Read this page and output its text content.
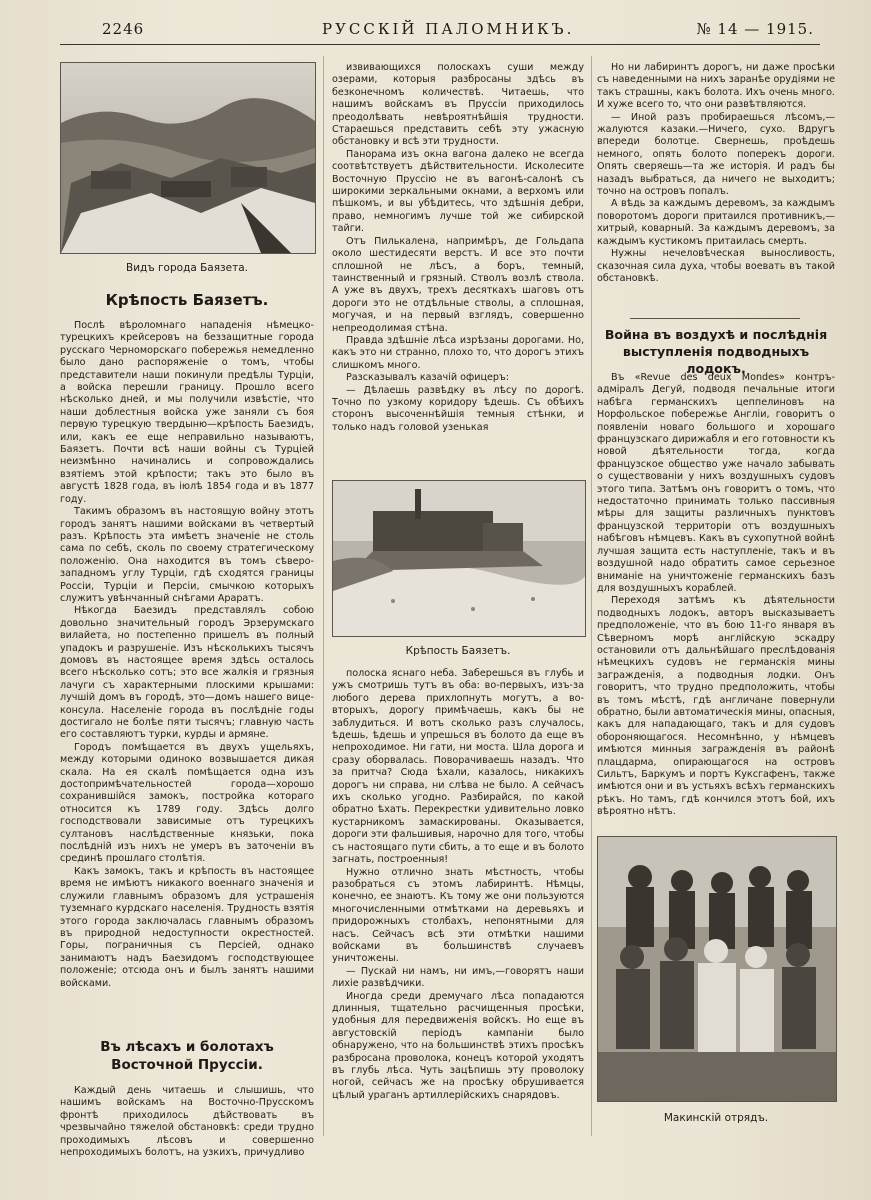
2246	РУССКІЙ ПАЛОМНИКЪ.	№ 14 — 1915.
Видъ города Баязета.
Крѣпость Баязетъ.

Послѣ вѣроломнаго нападенія нѣмецко-турецкихъ крейсеровъ на беззащитные города русскаго Черноморскаго побережья немедленно было дано распоряженіе о томъ, чтобы представители наши покинули предѣлы Турціи, а войска перешли границу. Прошло всего нѣсколько дней, и мы получили извѣстіе, что наши доблестныя войска уже заняли съ боя первую турецкую твердыню—крѣпость Баезидъ, или, какъ ее еще неправильно называютъ, Баязетъ. Почти всѣ наши войны съ Турціей неизмѣнно начинались и сопровождались взятіемъ этой крѣпости; такъ это было въ августѣ 1828 года, въ іюлѣ 1854 года и въ 1877 году.

Такимъ образомъ въ настоящую войну этотъ городъ занятъ нашими войсками въ четвертый разъ. Крѣпость эта имѣетъ значеніе не столь сама по себѣ, сколь по своему стратегическому положенію. Она находится въ томъ сѣверо-западномъ углу Турціи, гдѣ сходятся границы Россіи, Турціи и Персіи, смычкою которыхъ служитъ увѣнчанный снѣгами Араратъ.

Нѣкогда Баезидъ представлялъ собою довольно значительный городъ Эрзерумскаго вилайета, но постепенно пришелъ въ полный упадокъ и разрушеніе. Изъ нѣсколькихъ тысячъ домовъ въ настоящее время здѣсь осталось всего нѣсколько сотъ; это все жалкія и грязныя лачуги съ характерными плоскими крышами: лучшій домъ въ городѣ, это—домъ нашего вице-консула. Населеніе города въ послѣдніе годы достигало не болѣе пяти тысячъ; главную часть его составляютъ турки, курды и армяне.

Городъ помѣщается въ двухъ ущельяхъ, между которыми одиноко возвышается дикая скала. На ея скалѣ помѣщается одна изъ достопримѣчательностей города—хорошо сохранившійся замокъ, постройка котораго относится къ 1789 году. Здѣсь долго господствовали зависимые отъ турецкихъ султановъ наслѣдственные князьки, пока послѣдній изъ нихъ не умеръ въ заточеніи въ срединѣ прошлаго столѣтія.

Какъ замокъ, такъ и крѣпость въ настоящее время не имѣютъ никакого военнаго значенія и служили главнымъ образомъ для устрашенія туземнаго курдскаго населенія. Трудность взятія этого города заключалась главнымъ образомъ въ природной недоступности окрестностей. Горы, пограничныя съ Персіей, однако занимаютъ надъ Баезидомъ господствующее положеніе; отсюда онъ и былъ занятъ нашими войсками.

Въ лѣсахъ и болотахъ Восточной Пруссіи.

Каждый день читаешь и слышишь, что нашимъ войскамъ на Восточно-Прусскомъ фронтѣ приходилось дѣйствовать въ чрезвычайно тяжелой обстановкѣ: среди трудно проходимыхъ лѣсовъ и совершенно непроходимыхъ болотъ, на узкихъ, причудливо

извивающихся полоскахъ суши между озерами, которыя разбросаны здѣсь въ безконечномъ количествѣ. Читаешь, что нашимъ войскамъ въ Пруссіи приходилось преодолѣвать невѣроятнѣйшія трудности. Стараешься представить себѣ эту ужасную обстановку и всѣ эти трудности.

Панорама изъ окна вагона далеко не всегда соотвѣтствуетъ дѣйствительности. Исколесите Восточную Пруссію не въ вагонѣ-салонѣ съ широкими зеркальными окнами, а верхомъ или пѣшкомъ, и вы убѣдитесь, что здѣшнія дебри, право, немногимъ лучше той же сибирской тайги.

Отъ Пилькалена, напримѣръ, де Гольдапа около шестидесяти верстъ. И все это почти сплошной не лѣсъ, а боръ, темный, таинственный и грязный. Стволъ возлѣ ствола. А уже въ двухъ, трехъ десяткахъ шаговъ отъ дороги это не отдѣльные стволы, а сплошная, могучая, и на первый взглядъ, совершенно непреодолимая стѣна.

Правда здѣшніе лѣса изрѣзаны дорогами. Но, какъ это ни странно, плохо то, что дорогъ этихъ слишкомъ много.

Разсказывалъ казачій офицеръ:

— Дѣлаешь развѣдку въ лѣсу по дорогѣ. Точно по узкому коридору ѣдешь. Съ обѣихъ сторонъ высоченнѣйшія темныя стѣнки, и только надъ головой узенькая

Крѣпость Баязетъ.

полоска яснаго неба. Заберешься въ глубь и ужъ смотришь тутъ въ оба: во-первыхъ, изъ-за любого дерева прихлопнуть могутъ, а во-вторыхъ, дорогу примѣчаешь, какъ бы не заблудиться. И вотъ сколько разъ случалось, ѣдешь, ѣдешь и упрешься въ болото да еще въ непроходимое. Ни гати, ни моста. Шла дорога и сразу оборвалась. Поворачиваешь назадъ. Что за притча? Сюда ѣхали, казалось, никакихъ дорогъ ни справа, ни слѣва не было. А сейчасъ ихъ сколько угодно. Разбирайся, по какой обратно ѣхать. Перекрестки удивительно ловко кустарникомъ замаскированы. Оказывается, дороги эти фальшивыя, нарочно для того, чтобы съ настоящаго пути сбить, а то еще и въ болото загнать, построенныя!

Нужно отлично знать мѣстность, чтобы разобраться съ этомъ лабиринтѣ. Нѣмцы, конечно, ее знаютъ. Къ тому же они пользуются многочисленными отмѣтками на деревьяхъ и придорожныхъ столбахъ, непонятными для насъ. Сейчасъ всѣ эти отмѣтки нашими войсками въ большинствѣ случаевъ уничтожены.

— Пускай ни намъ, ни имъ,—говорятъ наши лихіе развѣдчики.

Иногда среди дремучаго лѣса попадаются длинныя, тщательно расчищенныя просѣки, удобныя для передвиженія войскъ. Но еще въ августовскій періодъ кампаніи было обнаружено, что на большинствѣ этихъ просѣкъ разбросана проволока, конецъ которой уходятъ въ глубь лѣса. Чуть зацѣпишь эту проволоку ногой, сейчасъ же на просѣку обрушивается цѣлый ураганъ артиллерійскихъ снарядовъ.

Но ни лабиринтъ дорогъ, ни даже просѣки съ наведенными на нихъ заранѣе орудіями не такъ страшны, какъ болота. Ихъ очень много. И хуже всего то, что они развѣтвляются.

— Иной разъ пробираешься лѣсомъ,—жалуются казаки.—Ничего, сухо. Вдругъ впереди болотце. Свернешь, проѣдешь немного, опять болото поперекъ дороги. Опять сверяешь—та же исторія. И радъ бы назадъ выбраться, да ничего не выходитъ; точно на островъ попалъ.

А вѣдь за каждымъ деревомъ, за каждымъ поворотомъ дороги притаился противникъ,—хитрый, коварный. За каждымъ деревомъ, за каждымъ кустикомъ притаилась смерть.

Нужны нечеловѣческая выносливость, сказочная сила духа, чтобы воевать въ такой обстановкѣ.

Война въ воздухѣ и послѣднія выступленія подводныхъ лодокъ.

Въ «Revue des deux Mondes» контръ-адміралъ Дегуй, подводя печальные итоги набѣга германскихъ цеппелиновъ на Норфольское побережье Англіи, говоритъ о появленіи новаго большого и хорошаго французскаго дирижабля и его готовности къ новой дѣятельности тогда, когда французское общество уже начало забывать о существованіи у нихъ воздушныхъ судовъ этого типа. Затѣмъ онъ говоритъ о томъ, что недостаточно принимать только пассивныя мѣры для защиты различныхъ пунктовъ французской территоріи отъ воздушныхъ набѣговъ нѣмцевъ. Какъ въ сухопутной войнѣ лучшая защита есть наступленіе, такъ и въ воздушной надо обратить самое серьезное вниманіе на уничтоженіе германскихъ базъ для воздушныхъ кораблей.

Переходя затѣмъ къ дѣятельности подводныхъ лодокъ, авторъ высказываетъ предположеніе, что въ бою 11-го января въ Сѣверномъ морѣ англійскую эскадру остановили отъ дальнѣйшаго преслѣдованія нѣмецкихъ судовъ не германскія мины загражденія, а подводныя лодки. Онъ говоритъ, что трудно предположить, чтобы въ томъ мѣстѣ, гдѣ англичане повернули обратно, были автоматическія мины, опасныя, какъ для нападающаго, такъ и для судовъ обороняющагося. Несомнѣнно, у нѣмцевъ имѣются минныя загражденія въ районѣ плацдарма, опирающагося на островъ Сильтъ, Баркумъ и портъ Куксгафенъ, также имѣются они и въ устьяхъ всѣхъ германскихъ рѣкъ. Но тамъ, гдѣ кончился этотъ бой, ихъ вѣроятно нѣтъ.

Макинскій отрядъ.
